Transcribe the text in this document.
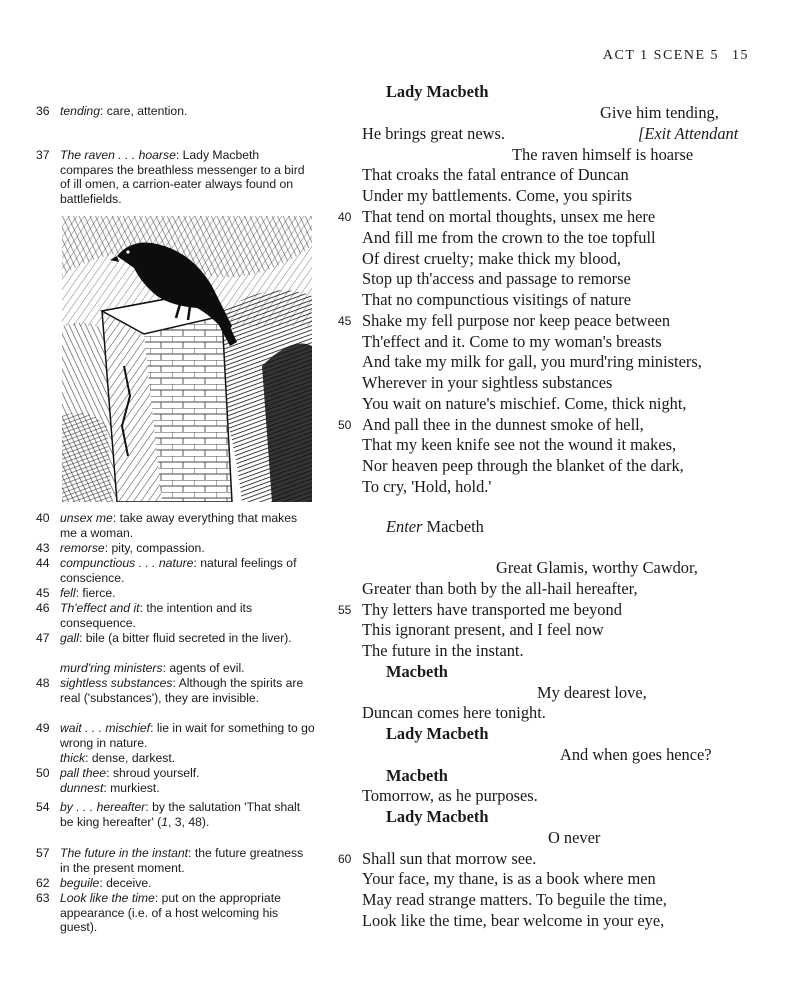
ACT 1 SCENE 5 15
36 tending: care, attention.
37 The raven . . . hoarse: Lady Macbeth compares the breathless messenger to a bird of ill omen, a carrion-eater always found on battlefields.
40 unsex me: take away everything that makes me a woman.
43 remorse: pity, compassion.
44 compunctious . . . nature: natural feelings of conscience.
45 fell: fierce.
46 Th'effect and it: the intention and its consequence.
47 gall: bile (a bitter fluid secreted in the liver).
murd'ring ministers: agents of evil.
48 sightless substances: Although the spirits are real ('substances'), they are invisible.
49 wait . . . mischief: lie in wait for something to go wrong in nature.
thick: dense, darkest.
50 pall thee: shroud yourself.
dunnest: murkiest.
54 by . . . hereafter: by the salutation 'That shalt be king hereafter' (1, 3, 48).
57 The future in the instant: the future greatness in the present moment.
62 beguile: deceive.
63 Look like the time: put on the appropriate appearance (i.e. of a host welcoming his guest).
Lady Macbeth
Give him tending,
He brings great news.	[Exit Attendant
The raven himself is hoarse
That croaks the fatal entrance of Duncan
Under my battlements. Come, you spirits
40 That tend on mortal thoughts, unsex me here
And fill me from the crown to the toe topfull
Of direst cruelty; make thick my blood,
Stop up th'access and passage to remorse
That no compunctious visitings of nature
45 Shake my fell purpose nor keep peace between
Th'effect and it. Come to my woman's breasts
And take my milk for gall, you murd'ring ministers,
Wherever in your sightless substances
You wait on nature's mischief. Come, thick night,
50 And pall thee in the dunnest smoke of hell,
That my keen knife see not the wound it makes,
Nor heaven peep through the blanket of the dark,
To cry, 'Hold, hold.'
Enter Macbeth
Great Glamis, worthy Cawdor,
Greater than both by the all-hail hereafter,
55 Thy letters have transported me beyond
This ignorant present, and I feel now
The future in the instant.
Macbeth
My dearest love,
Duncan comes here tonight.
Lady Macbeth
And when goes hence?
Macbeth
Tomorrow, as he purposes.
Lady Macbeth
O never
60 Shall sun that morrow see.
Your face, my thane, is as a book where men
May read strange matters. To beguile the time,
Look like the time, bear welcome in your eye,
